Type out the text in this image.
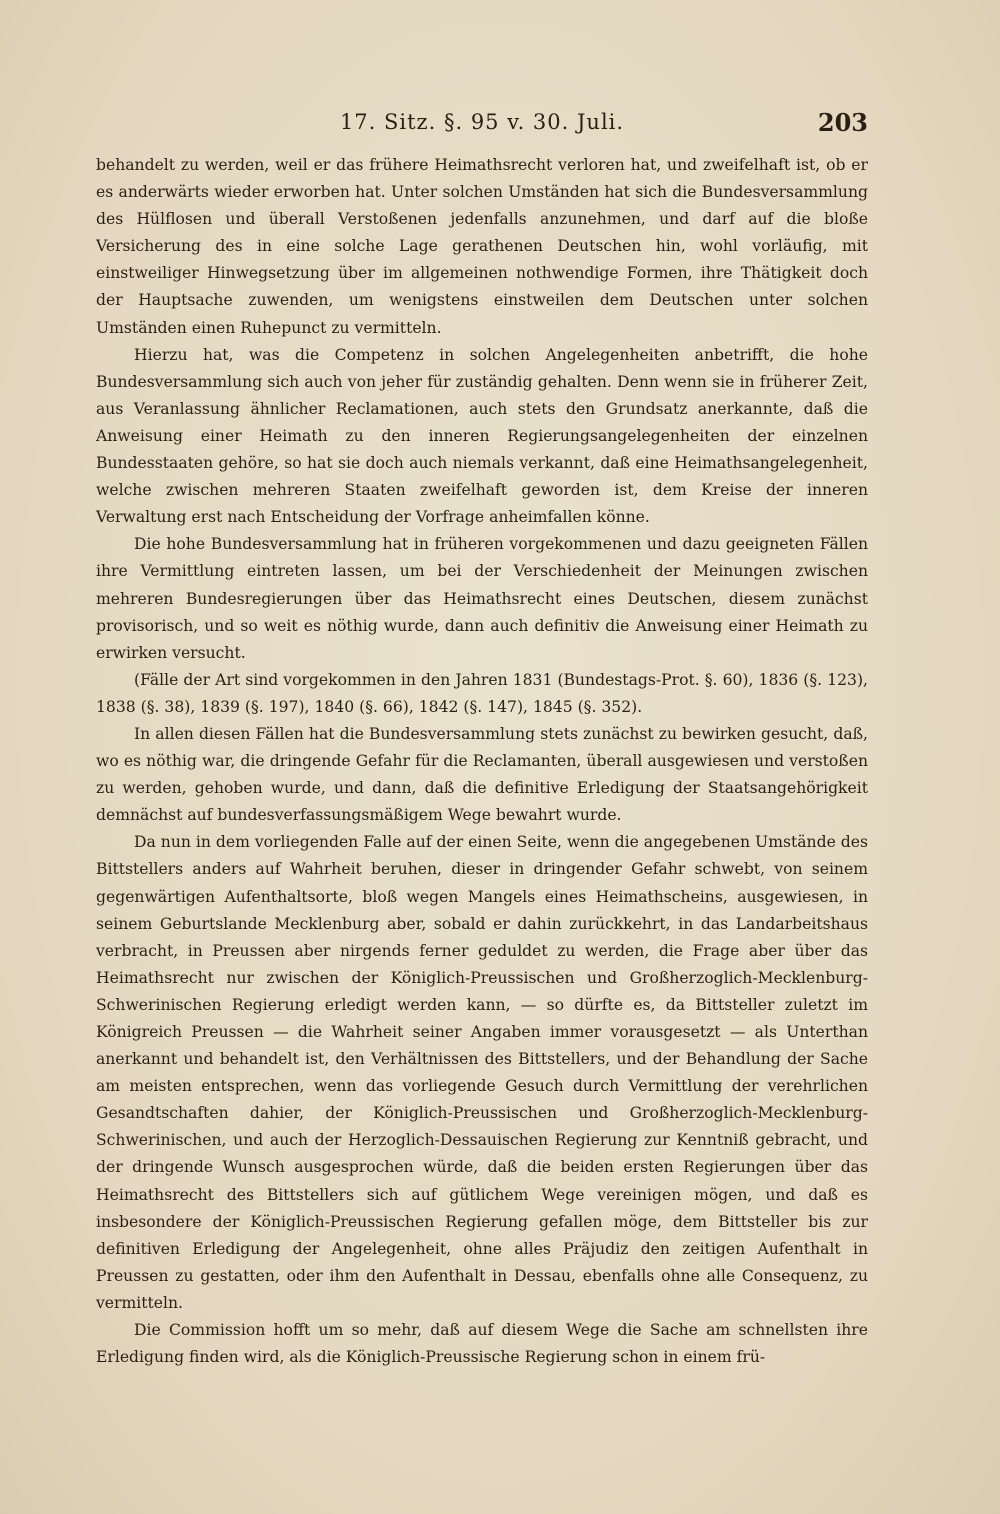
17. Sitz. §. 95 v. 30. Juli.	203

behandelt zu werden, weil er das frühere Heimathsrecht verloren hat, und zweifelhaft ist, ob er es anderwärts wieder erworben hat. Unter solchen Umständen hat sich die Bundesversammlung des Hülflosen und überall Verstoßenen jedenfalls anzunehmen, und darf auf die bloße Versicherung des in eine solche Lage gerathenen Deutschen hin, wohl vorläufig, mit einstweiliger Hinwegsetzung über im allgemeinen nothwendige Formen, ihre Thätigkeit doch der Hauptsache zuwenden, um wenigstens einstweilen dem Deutschen unter solchen Umständen einen Ruhepunct zu vermitteln.

Hierzu hat, was die Competenz in solchen Angelegenheiten anbetrifft, die hohe Bundesversammlung sich auch von jeher für zuständig gehalten. Denn wenn sie in früherer Zeit, aus Veranlassung ähnlicher Reclamationen, auch stets den Grundsatz anerkannte, daß die Anweisung einer Heimath zu den inneren Regierungsangelegenheiten der einzelnen Bundesstaaten gehöre, so hat sie doch auch niemals verkannt, daß eine Heimathsangelegenheit, welche zwischen mehreren Staaten zweifelhaft geworden ist, dem Kreise der inneren Verwaltung erst nach Entscheidung der Vorfrage anheimfallen könne.

Die hohe Bundesversammlung hat in früheren vorgekommenen und dazu geeigneten Fällen ihre Vermittlung eintreten lassen, um bei der Verschiedenheit der Meinungen zwischen mehreren Bundesregierungen über das Heimathsrecht eines Deutschen, diesem zunächst provisorisch, und so weit es nöthig wurde, dann auch definitiv die Anweisung einer Heimath zu erwirken versucht.

(Fälle der Art sind vorgekommen in den Jahren 1831 (Bundestags-Prot. §. 60), 1836 (§. 123), 1838 (§. 38), 1839 (§. 197), 1840 (§. 66), 1842 (§. 147), 1845 (§. 352).

In allen diesen Fällen hat die Bundesversammlung stets zunächst zu bewirken gesucht, daß, wo es nöthig war, die dringende Gefahr für die Reclamanten, überall ausgewiesen und verstoßen zu werden, gehoben wurde, und dann, daß die definitive Erledigung der Staatsangehörigkeit demnächst auf bundesverfassungsmäßigem Wege bewahrt wurde.

Da nun in dem vorliegenden Falle auf der einen Seite, wenn die angegebenen Umstände des Bittstellers anders auf Wahrheit beruhen, dieser in dringender Gefahr schwebt, von seinem gegenwärtigen Aufenthaltsorte, bloß wegen Mangels eines Heimathscheins, ausgewiesen, in seinem Geburtslande Mecklenburg aber, sobald er dahin zurückkehrt, in das Landarbeitshaus verbracht, in Preussen aber nirgends ferner geduldet zu werden, die Frage aber über das Heimathsrecht nur zwischen der Königlich-Preussischen und Großherzoglich-Mecklenburg-Schwerinischen Regierung erledigt werden kann, — so dürfte es, da Bittsteller zuletzt im Königreich Preussen — die Wahrheit seiner Angaben immer vorausgesetzt — als Unterthan anerkannt und behandelt ist, den Verhältnissen des Bittstellers, und der Behandlung der Sache am meisten entsprechen, wenn das vorliegende Gesuch durch Vermittlung der verehrlichen Gesandtschaften dahier, der Königlich-Preussischen und Großherzoglich-Mecklenburg-Schwerinischen, und auch der Herzoglich-Dessauischen Regierung zur Kenntniß gebracht, und der dringende Wunsch ausgesprochen würde, daß die beiden ersten Regierungen über das Heimathsrecht des Bittstellers sich auf gütlichem Wege vereinigen mögen, und daß es insbesondere der Königlich-Preussischen Regierung gefallen möge, dem Bittsteller bis zur definitiven Erledigung der Angelegenheit, ohne alles Präjudiz den zeitigen Aufenthalt in Preussen zu gestatten, oder ihm den Aufenthalt in Dessau, ebenfalls ohne alle Consequenz, zu vermitteln.

Die Commission hofft um so mehr, daß auf diesem Wege die Sache am schnellsten ihre Erledigung finden wird, als die Königlich-Preussische Regierung schon in einem frü-
